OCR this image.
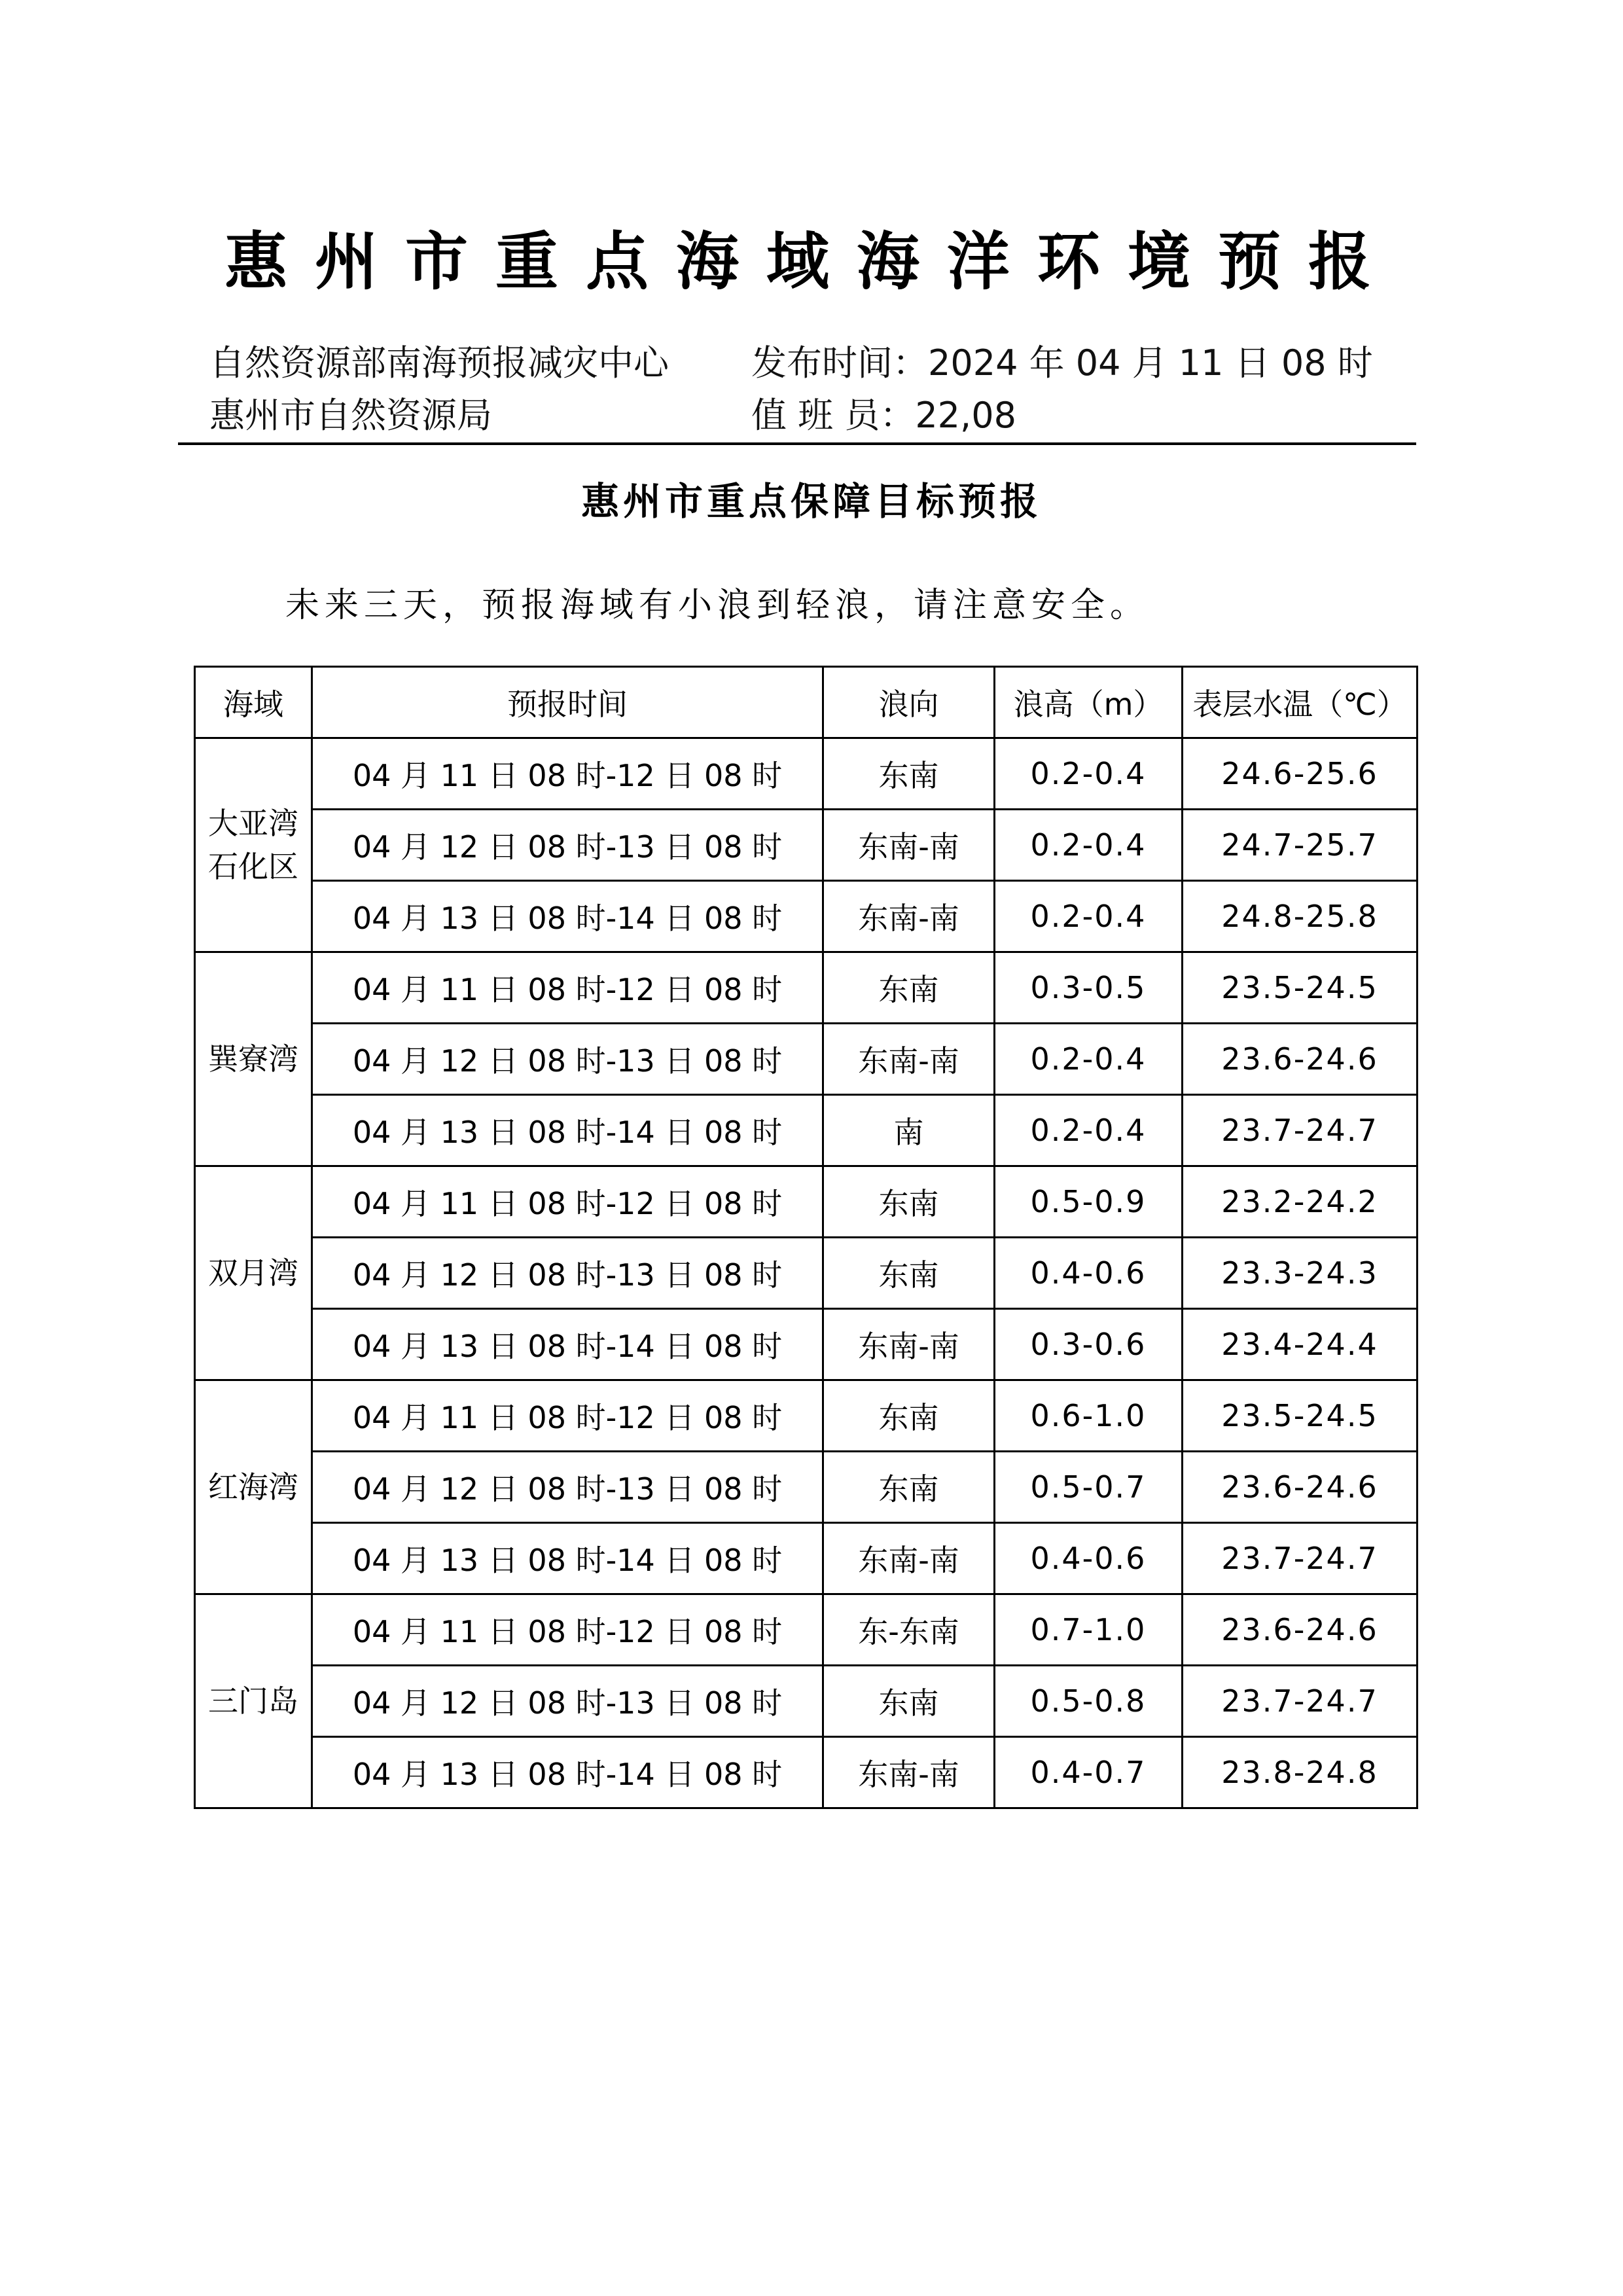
惠州市重点海域海洋环境预报
自然资源部南海预报减灾中心
惠州市自然资源局
发布时间：2024 年 04 月 11 日 08 时
值 班 员：22,08
惠州市重点保障目标预报
未来三天，预报海域有小浪到轻浪，请注意安全。
海域	预报时间	浪向	浪高（m）	表层水温（℃）
大亚湾石化区	04 月 11 日 08 时-12 日 08 时	东南	0.2-0.4	24.6-25.6
	04 月 12 日 08 时-13 日 08 时	东南-南	0.2-0.4	24.7-25.7
	04 月 13 日 08 时-14 日 08 时	东南-南	0.2-0.4	24.8-25.8
巽寮湾	04 月 11 日 08 时-12 日 08 时	东南	0.3-0.5	23.5-24.5
	04 月 12 日 08 时-13 日 08 时	东南-南	0.2-0.4	23.6-24.6
	04 月 13 日 08 时-14 日 08 时	南	0.2-0.4	23.7-24.7
双月湾	04 月 11 日 08 时-12 日 08 时	东南	0.5-0.9	23.2-24.2
	04 月 12 日 08 时-13 日 08 时	东南	0.4-0.6	23.3-24.3
	04 月 13 日 08 时-14 日 08 时	东南-南	0.3-0.6	23.4-24.4
红海湾	04 月 11 日 08 时-12 日 08 时	东南	0.6-1.0	23.5-24.5
	04 月 12 日 08 时-13 日 08 时	东南	0.5-0.7	23.6-24.6
	04 月 13 日 08 时-14 日 08 时	东南-南	0.4-0.6	23.7-24.7
三门岛	04 月 11 日 08 时-12 日 08 时	东-东南	0.7-1.0	23.6-24.6
	04 月 12 日 08 时-13 日 08 时	东南	0.5-0.8	23.7-24.7
	04 月 13 日 08 时-14 日 08 时	东南-南	0.4-0.7	23.8-24.8
